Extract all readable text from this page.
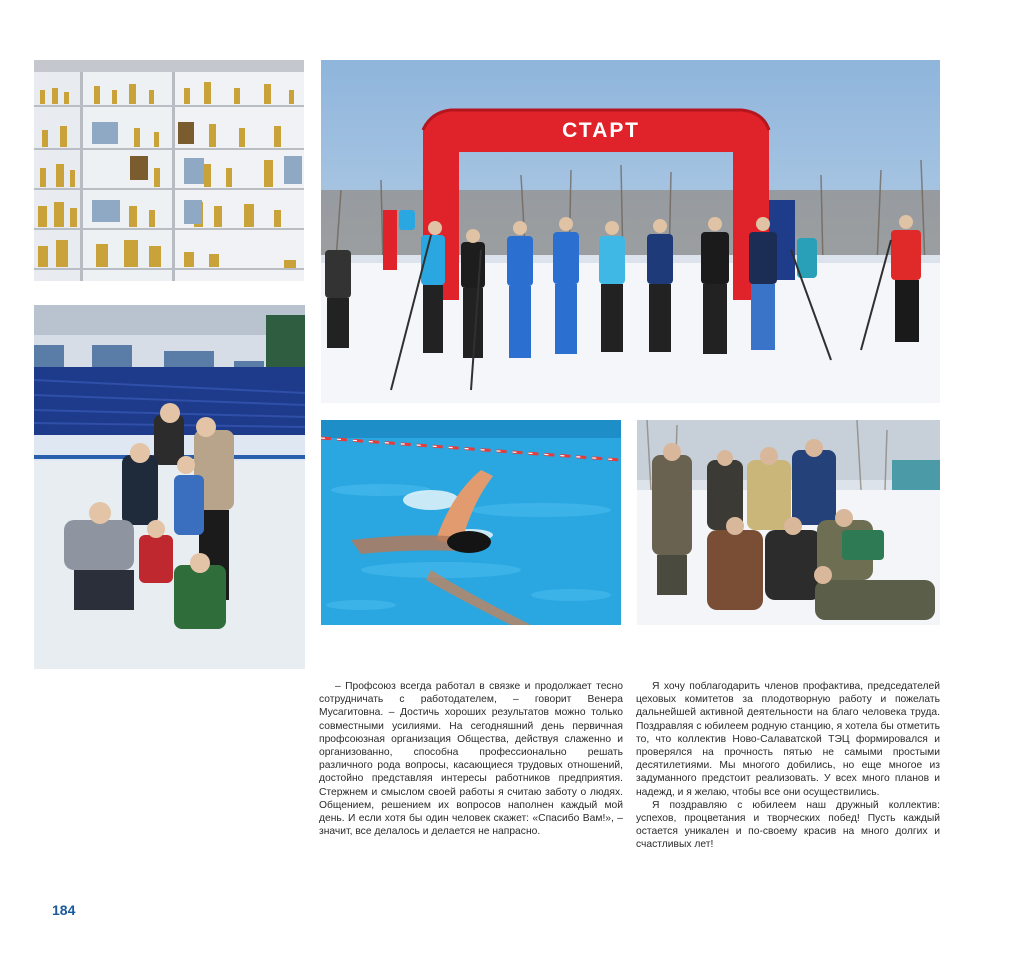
СТАРТ

– Профсоюз всегда работал в связке и продолжает тесно сотрудничать с работодателем, – говорит Венера Мусагитовна. – Достичь хороших результатов можно только совместными усилиями. На сегодняшний день первичная профсоюзная организация Общества, действуя слаженно и организованно, способна профессионально решать различного рода вопросы, касающиеся трудовых отношений, достойно представляя интересы работников предприятия. Стержнем и смыслом своей работы я считаю заботу о людях. Общением, решением их вопросов наполнен каждый мой день. И если хотя бы один человек скажет: «Спасибо Вам!», – значит, все делалось и делается не напрасно.

Я хочу поблагодарить членов профактива, председателей цеховых комитетов за плодотворную работу и пожелать дальнейшей активной деятельности на благо человека труда. Поздравляя с юбилеем родную станцию, я хотела бы отметить то, что коллектив Ново-Салаватской ТЭЦ формировался и проверялся на прочность пятью не самыми простыми десятилетиями. Мы многого добились, но еще многое из задуманного предстоит реализовать. У всех много планов и надежд, и я желаю, чтобы все они осуществились.

Я поздравляю с юбилеем наш дружный коллектив: успехов, процветания и творческих побед! Пусть каждый остается уникален и по-своему красив на много долгих и счастливых лет!

184
